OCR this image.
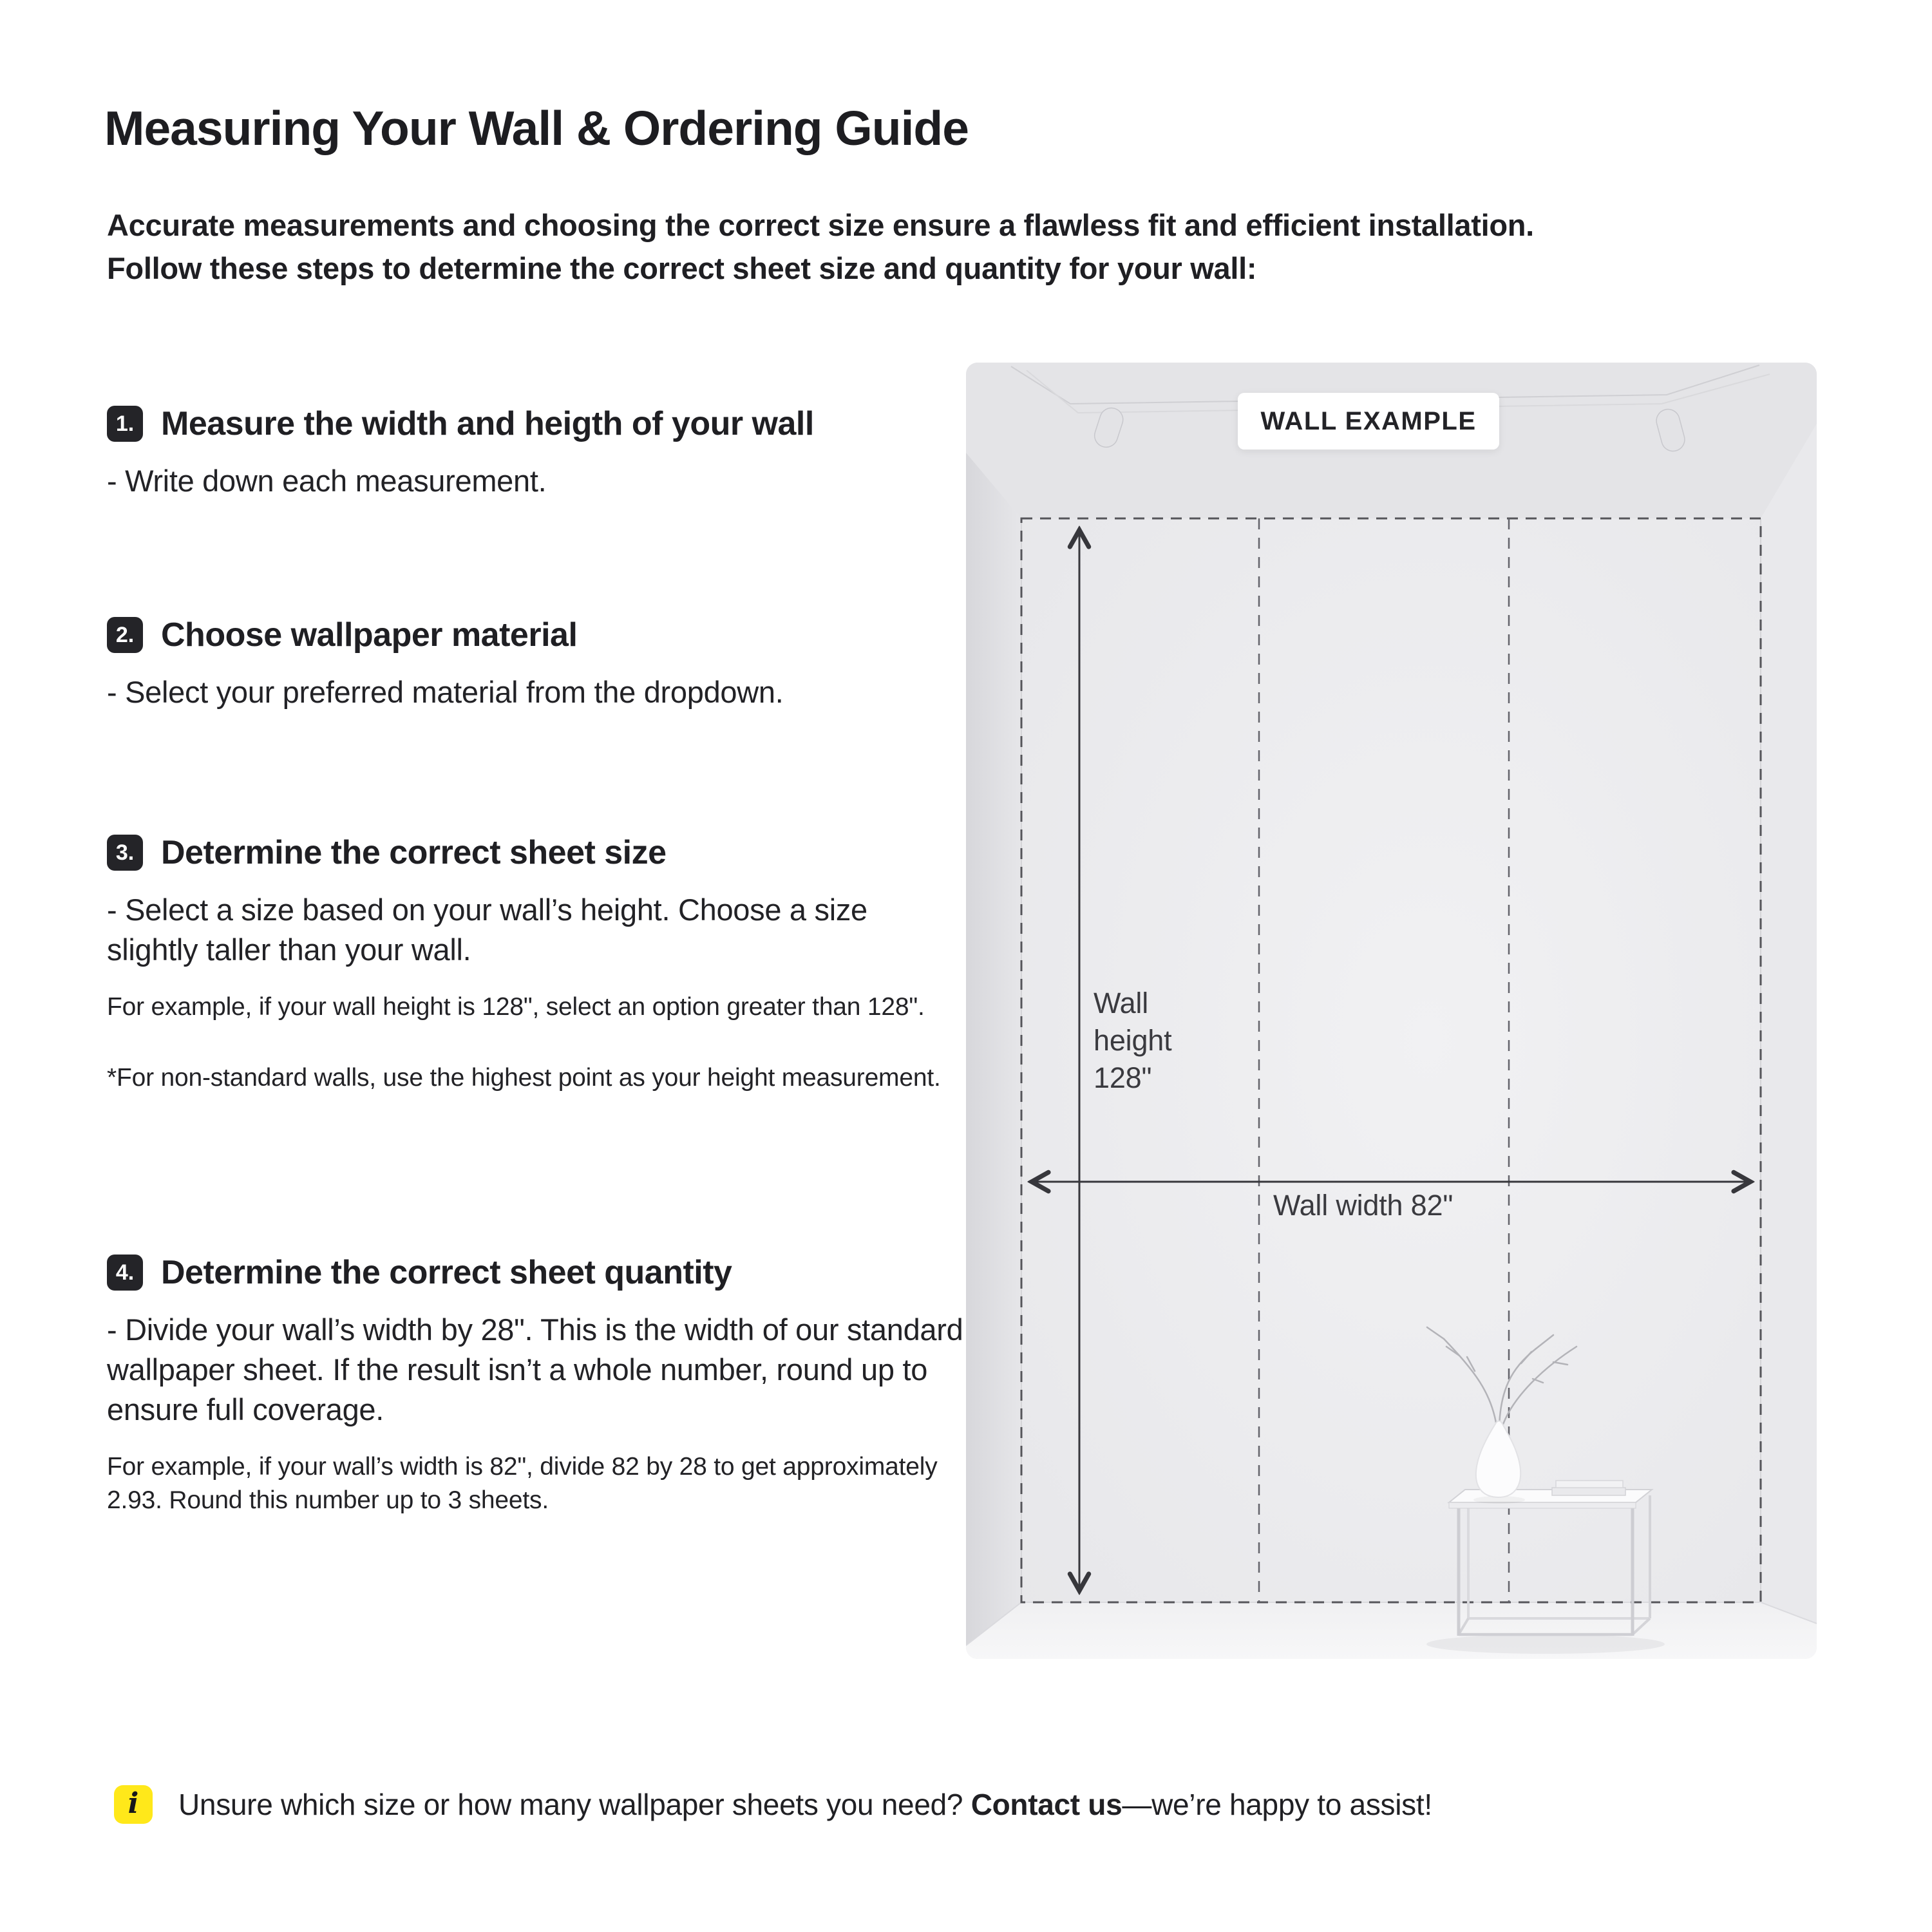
Measuring Your Wall & Ordering Guide
Accurate measurements and choosing the correct size ensure a flawless fit and efficient installation.
Follow these steps to determine the correct sheet size and quantity for your wall:
1. Measure the width and heigth of your wall

- Write down each measurement.

2. Choose wallpaper material

- Select your preferred material from the dropdown.

3. Determine the correct sheet size

- Select a size based on your wall’s height. Choose a size slightly taller than your wall.

For example, if your wall height is 128", select an option greater than 128".

*For non-standard walls, use the highest point as your height measurement.

4. Determine the correct sheet quantity

- Divide your wall’s width by 28". This is the width of our standard wallpaper sheet. If the result isn’t a whole number, round up to ensure full coverage.

For example, if your wall’s width is 82", divide 82 by 28 to get approximately 2.93. Round this number up to 3 sheets.

WALL EXAMPLE
Wall height 128"
Wall width 82"
i	Unsure which size or how many wallpaper sheets you need? Contact us—we’re happy to assist!
